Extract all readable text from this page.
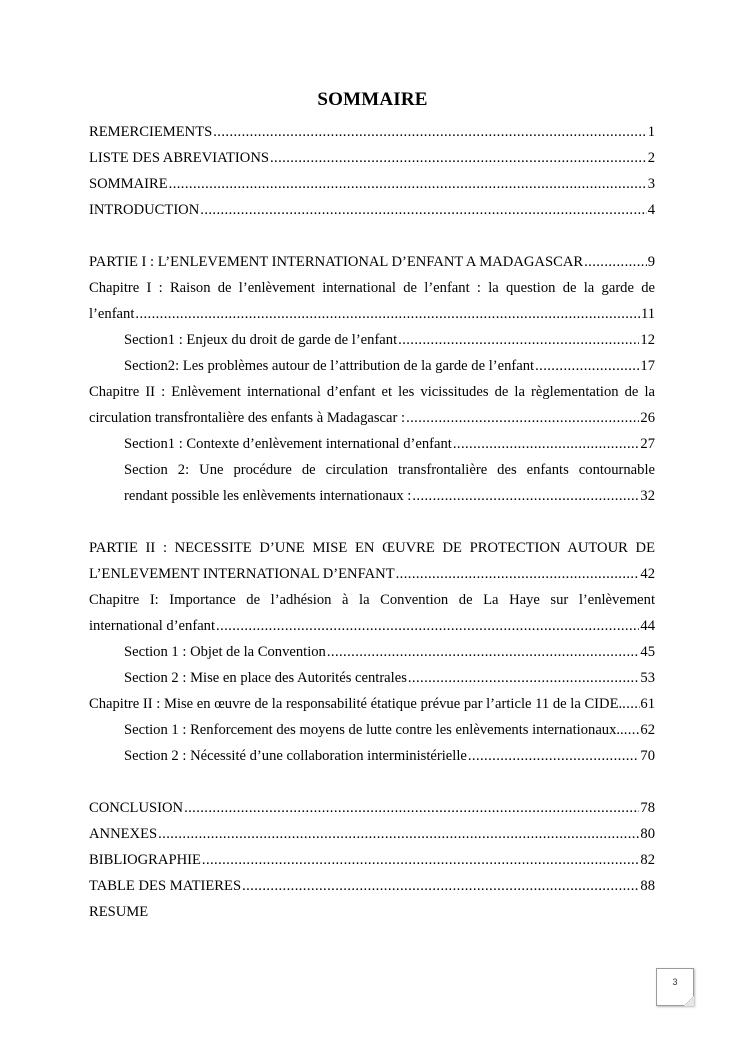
SOMMAIRE
REMERCIEMENTS .....	1
LISTE DES ABREVIATIONS .....	2
SOMMAIRE .....	3
INTRODUCTION .....	4
PARTIE I : L’ENLEVEMENT INTERNATIONAL D’ENFANT A MADAGASCAR .....	9
Chapitre I : Raison de l’enlèvement international de l’enfant : la question de la garde de
l’enfant .....	11
Section1 : Enjeux du droit de garde de l’enfant .....	12
Section2: Les problèmes autour de l’attribution de la garde de l’enfant .....	17
Chapitre II : Enlèvement international d’enfant et les vicissitudes de la règlementation de la
circulation transfrontalière des enfants à Madagascar : .....	26
Section1 : Contexte d’enlèvement international d’enfant .....	27
Section 2: Une procédure de circulation transfrontalière des enfants contournable
rendant possible les enlèvements internationaux : .....	32
PARTIE II : NECESSITE D’UNE MISE EN ŒUVRE DE PROTECTION AUTOUR DE
L’ENLEVEMENT INTERNATIONAL D’ENFANT .....	42
Chapitre I: Importance de l’adhésion à la Convention de La Haye sur l’enlèvement
international d’enfant .....	44
Section 1 : Objet de la Convention .....	45
Section 2 : Mise en place des Autorités centrales .....	53
Chapitre II : Mise en œuvre de la responsabilité étatique prévue par l’article 11 de la CIDE. ..... 61
Section 1 : Renforcement des moyens de lutte contre les enlèvements internationaux.. ..... 62
Section 2 : Nécessité d’une collaboration interministérielle .....	70
CONCLUSION .....	78
ANNEXES .....	80
BIBLIOGRAPHIE .....	82
TABLE DES MATIERES .....	88
RESUME
3
